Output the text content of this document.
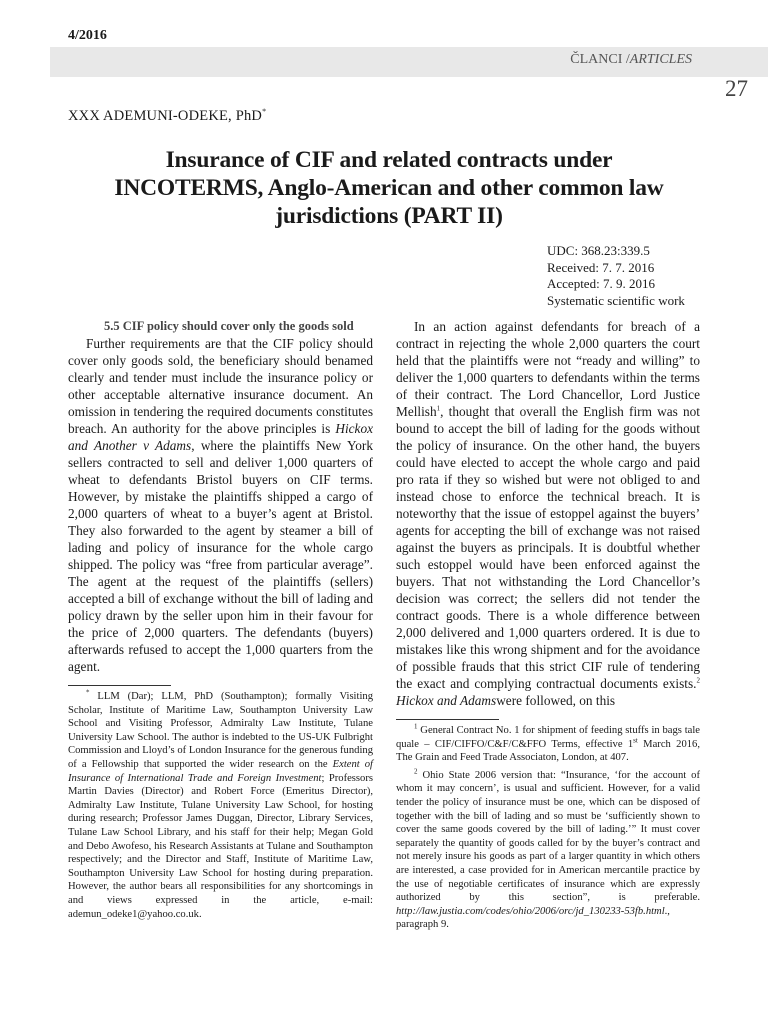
4/2016
ČLANCI /ARTICLES
27
XXX ADEMUNI-ODEKE, PhD*
Insurance of CIF and related contracts under INCOTERMS, Anglo-American and other common law jurisdictions (PART II)
UDC: 368.23:339.5
Received: 7. 7. 2016
Accepted: 7. 9. 2016
Systematic scientific work

5.5 CIF policy should cover only the goods sold

Further requirements are that the CIF policy should cover only goods sold, the beneficiary should benamed clearly and tender must include the insurance policy or other acceptable alternative insurance document. An omission in tendering the required documents constitutes breach. An authority for the above principles is Hickox and Another v Adams, where the plaintiffs New York sellers contracted to sell and deliver 1,000 quarters of wheat to defendants Bristol buyers on CIF terms. However, by mistake the plaintiffs shipped a cargo of 2,000 quarters of wheat to a buyer’s agent at Bristol. They also forwarded to the agent by steamer a bill of lading and policy of insurance for the whole cargo shipped. The policy was “free from particular average”. The agent at the request of the plaintiffs (sellers) accepted a bill of exchange without the bill of lading and policy drawn by the seller upon him in their favour for the price of 2,000 quarters. The defendants (buyers) afterwards refused to accept the 1,000 quarters from the agent.

* LLM (Dar); LLM, PhD (Southampton); formally Visiting Scholar, Institute of Maritime Law, Southampton University Law School and Visiting Professor, Admiralty Law Institute, Tulane University Law School. The author is indebted to the US-UK Fulbright Commission and Lloyd’s of London Insurance for the generous funding of a Fellowship that supported the wider research on the Extent of Insurance of International Trade and Foreign Investment; Professors Martin Davies (Director) and Robert Force (Emeritus Director), Admiralty Law Institute, Tulane University Law School, for hosting during research; Professor James Duggan, Director, Library Services, Tulane Law School Library, and his staff for their help; Megan Gold and Debo Awofeso, his Research Assistants at Tulane and Southampton respectively; and the Director and Staff, Institute of Maritime Law, Southampton University Law School for hosting during preparation. However, the author bears all responsibilities for any shortcomings in and views expressed in the article, e-mail: ademun_odeke1@yahoo.co.uk.

In an action against defendants for breach of a contract in rejecting the whole 2,000 quarters the court held that the plaintiffs were not “ready and willing” to deliver the 1,000 quarters to defendants within the terms of their contract. The Lord Chancellor, Lord Justice Mellish$^1$, thought that overall the English firm was not bound to accept the bill of lading for the goods without the policy of insurance. On the other hand, the buyers could have elected to accept the whole cargo and paid pro rata if they so wished but were not obliged to and instead chose to enforce the technical breach. It is noteworthy that the issue of estoppel against the buyers’ agents for accepting the bill of exchange was not raised against the buyers as principals. It is doubtful whether such estoppel would have been enforced against the buyers. That not withstanding the Lord Chancellor’s decision was correct; the sellers did not tender the contract goods. There is a whole difference between 2,000 delivered and 1,000 quarters ordered. It is due to mistakes like this wrong shipment and for the avoidance of possible frauds that this strict CIF rule of tendering the exact and complying contractual documents exists.$^2$ Hickox and Adamswere followed, on this

$^1$ General Contract No. 1 for shipment of feeding stuffs in bags tale quale – CIF/CIFFO/C&F/C&FFO Terms, effective 1st March 2016, The Grain and Feed Trade Associaton, London, at 407.

$^2$ Ohio State 2006 version that: “Insurance, ‘for the account of whom it may concern’, is usual and sufficient. However, for a valid tender the policy of insurance must be one, which can be disposed of together with the bill of lading and so must be ‘sufficiently shown to cover the same goods covered by the bill of lading.’” It must cover separately the quantity of goods called for by the buyer’s contract and not merely insure his goods as part of a larger quantity in which others are interested, a case provided for in American mercantile practice by the use of negotiable certificates of insurance which are expressly authorized by this section”, is preferable. http://law.justia.com/codes/ohio/2006/orc/jd_130233-53fb.html., paragraph 9.
